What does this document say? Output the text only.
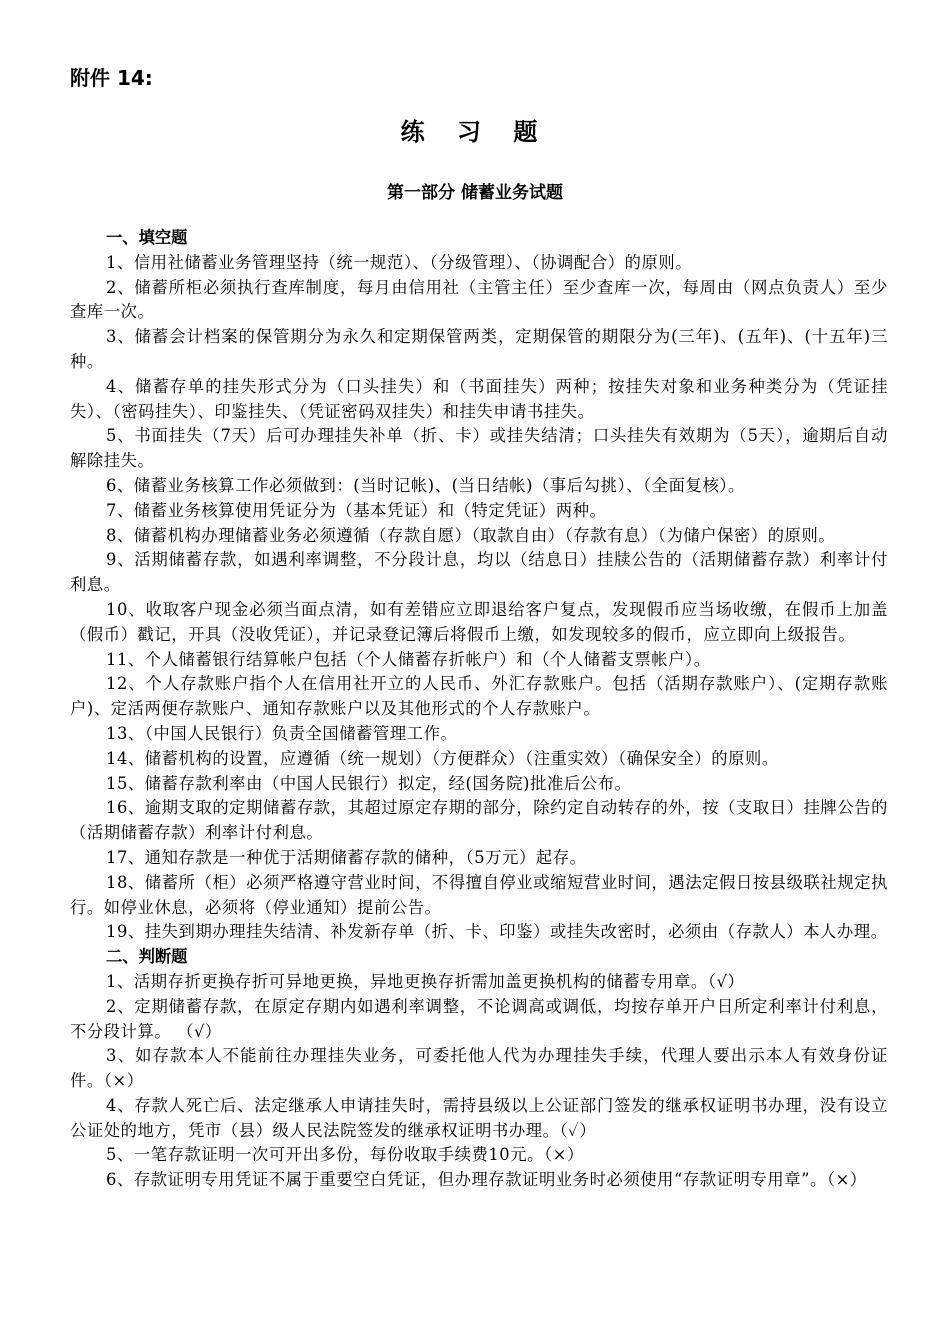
附件 14:
练 习 题
第一部分 储蓄业务试题

一、填空题

1、信用社储蓄业务管理坚持（统一规范）、（分级管理）、（协调配合）的原则。

2、储蓄所柜必须执行查库制度，每月由信用社（主管主任）至少查库一次，每周由（网点负责人）至少查库一次。

3、储蓄会计档案的保管期分为永久和定期保管两类，定期保管的期限分为(三年)、(五年)、(十五年)三种。

4、储蓄存单的挂失形式分为（口头挂失）和（书面挂失）两种；按挂失对象和业务种类分为（凭证挂失）、（密码挂失）、印鉴挂失、（凭证密码双挂失）和挂失申请书挂失。

5、书面挂失（7天）后可办理挂失补单（折、卡）或挂失结清；口头挂失有效期为（5天），逾期后自动解除挂失。

6、储蓄业务核算工作必须做到：(当时记帐)、(当日结帐)（事后勾挑）、（全面复核）。

7、储蓄业务核算使用凭证分为（基本凭证）和（特定凭证）两种。

8、储蓄机构办理储蓄业务必须遵循（存款自愿）（取款自由）（存款有息）（为储户保密）的原则。

9、活期储蓄存款，如遇利率调整，不分段计息，均以（结息日）挂牍公告的（活期储蓄存款）利率计付利息。

10、收取客户现金必须当面点清，如有差错应立即退给客户复点，发现假币应当场收缴，在假币上加盖（假币）戳记，开具（没收凭证），并记录登记簿后将假币上缴，如发现较多的假币，应立即向上级报告。

11、个人储蓄银行结算帐户包括（个人储蓄存折帐户）和（个人储蓄支票帐户）。

12、个人存款账户指个人在信用社开立的人民币、外汇存款账户。包括（活期存款账户）、(定期存款账户)、定活两便存款账户、通知存款账户以及其他形式的个人存款账户。

13、（中国人民银行）负责全国储蓄管理工作。

14、储蓄机构的设置，应遵循（统一规划）（方便群众）（注重实效）（确保安全）的原则。

15、储蓄存款利率由（中国人民银行）拟定，经(国务院)批准后公布。

16、逾期支取的定期储蓄存款，其超过原定存期的部分，除约定自动转存的外，按（支取日）挂牌公告的（活期储蓄存款）利率计付利息。

17、通知存款是一种优于活期储蓄存款的储种，（5万元）起存。

18、储蓄所（柜）必须严格遵守营业时间，不得擅自停业或缩短营业时间，遇法定假日按县级联社规定执行。如停业休息，必须将（停业通知）提前公告。

19、挂失到期办理挂失结清、补发新存单（折、卡、印鉴）或挂失改密时，必须由（存款人）本人办理。

二、判断题

1、活期存折更换存折可异地更换，异地更换存折需加盖更换机构的储蓄专用章。（√）

2、定期储蓄存款，在原定存期内如遇利率调整，不论调高或调低，均按存单开户日所定利率计付利息，不分段计算。 （√）

3、如存款本人不能前往办理挂失业务，可委托他人代为办理挂失手续，代理人要出示本人有效身份证件。（×）

4、存款人死亡后、法定继承人申请挂失时，需持县级以上公证部门签发的继承权证明书办理，没有设立公证处的地方，凭市（县）级人民法院签发的继承权证明书办理。（✓）

5、一笔存款证明一次可开出多份，每份收取手续费10元。（×）

6、存款证明专用凭证不属于重要空白凭证，但办理存款证明业务时必须使用“存款证明专用章”。（×）
